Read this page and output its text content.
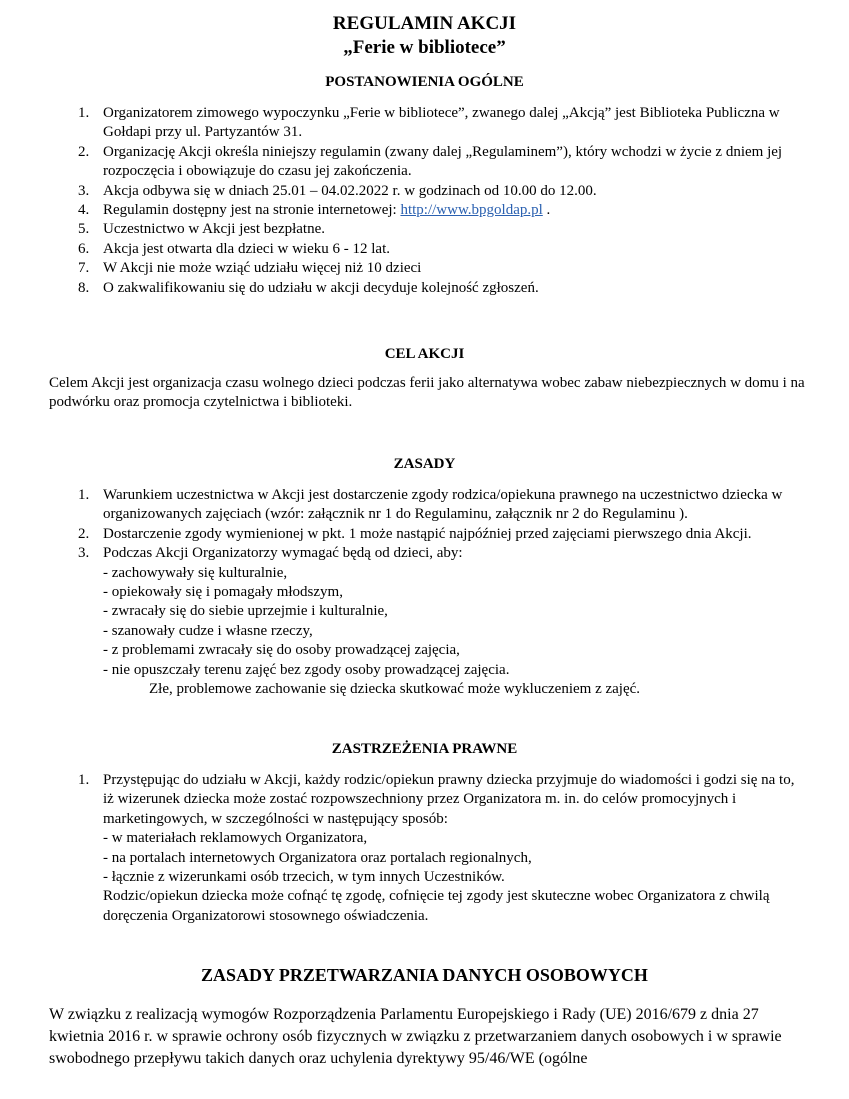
REGULAMIN AKCJI
„Ferie w bibliotece”
POSTANOWIENIA OGÓLNE
1. Organizatorem zimowego wypoczynku „Ferie w bibliotece”, zwanego dalej „Akcją” jest Biblioteka Publiczna w Gołdapi przy ul. Partyzantów 31.
2. Organizację Akcji określa niniejszy regulamin (zwany dalej „Regulaminem”), który wchodzi w życie z dniem jej rozpoczęcia i obowiązuje do czasu jej zakończenia.
3. Akcja odbywa się w dniach 25.01 – 04.02.2022 r. w godzinach od 10.00 do 12.00.
4. Regulamin dostępny jest na stronie internetowej: http://www.bpgoldap.pl .
5. Uczestnictwo w Akcji jest bezpłatne.
6. Akcja jest otwarta dla dzieci w wieku 6 - 12 lat.
7. W Akcji nie może wziąć udziału więcej niż 10 dzieci
8. O zakwalifikowaniu się do udziału w akcji decyduje kolejność zgłoszeń.
CEL AKCJI

Celem Akcji jest organizacja czasu wolnego dzieci podczas ferii jako alternatywa wobec zabaw niebezpiecznych w domu i na podwórku oraz promocja czytelnictwa i biblioteki.

ZASADY
1. Warunkiem uczestnictwa w Akcji jest dostarczenie zgody rodzica/opiekuna prawnego na uczestnictwo dziecka w organizowanych zajęciach (wzór: załącznik nr 1 do Regulaminu, załącznik nr 2 do Regulaminu ).
2. Dostarczenie zgody wymienionej w pkt. 1 może nastąpić najpóźniej przed zajęciami pierwszego dnia Akcji.
3. Podczas Akcji Organizatorzy wymagać będą od dzieci, aby:
- zachowywały się kulturalnie,
- opiekowały się i pomagały młodszym,
- zwracały się do siebie uprzejmie i kulturalnie,
- szanowały cudze i własne rzeczy,
- z problemami zwracały się do osoby prowadzącej zajęcia,
- nie opuszczały terenu zajęć bez zgody osoby prowadzącej zajęcia.
Złe, problemowe zachowanie się dziecka skutkować może wykluczeniem z zajęć.
ZASTRZEŻENIA PRAWNE
1. Przystępując do udziału w Akcji, każdy rodzic/opiekun prawny dziecka przyjmuje do wiadomości i godzi się na to, iż wizerunek dziecka może zostać rozpowszechniony przez Organizatora m. in. do celów promocyjnych i marketingowych, w szczególności w następujący sposób:
- w materiałach reklamowych Organizatora,
- na portalach internetowych Organizatora oraz portalach regionalnych,
- łącznie z wizerunkami osób trzecich, w tym innych Uczestników.
Rodzic/opiekun dziecka może cofnąć tę zgodę, cofnięcie tej zgody jest skuteczne wobec Organizatora z chwilą doręczenia Organizatorowi stosownego oświadczenia.
ZASADY PRZETWARZANIA DANYCH OSOBOWYCH

W związku z realizacją wymogów Rozporządzenia Parlamentu Europejskiego i Rady (UE) 2016/679 z dnia 27 kwietnia 2016 r. w sprawie ochrony osób fizycznych w związku z przetwarzaniem danych osobowych i w sprawie swobodnego przepływu takich danych oraz uchylenia dyrektywy 95/46/WE (ogólne
